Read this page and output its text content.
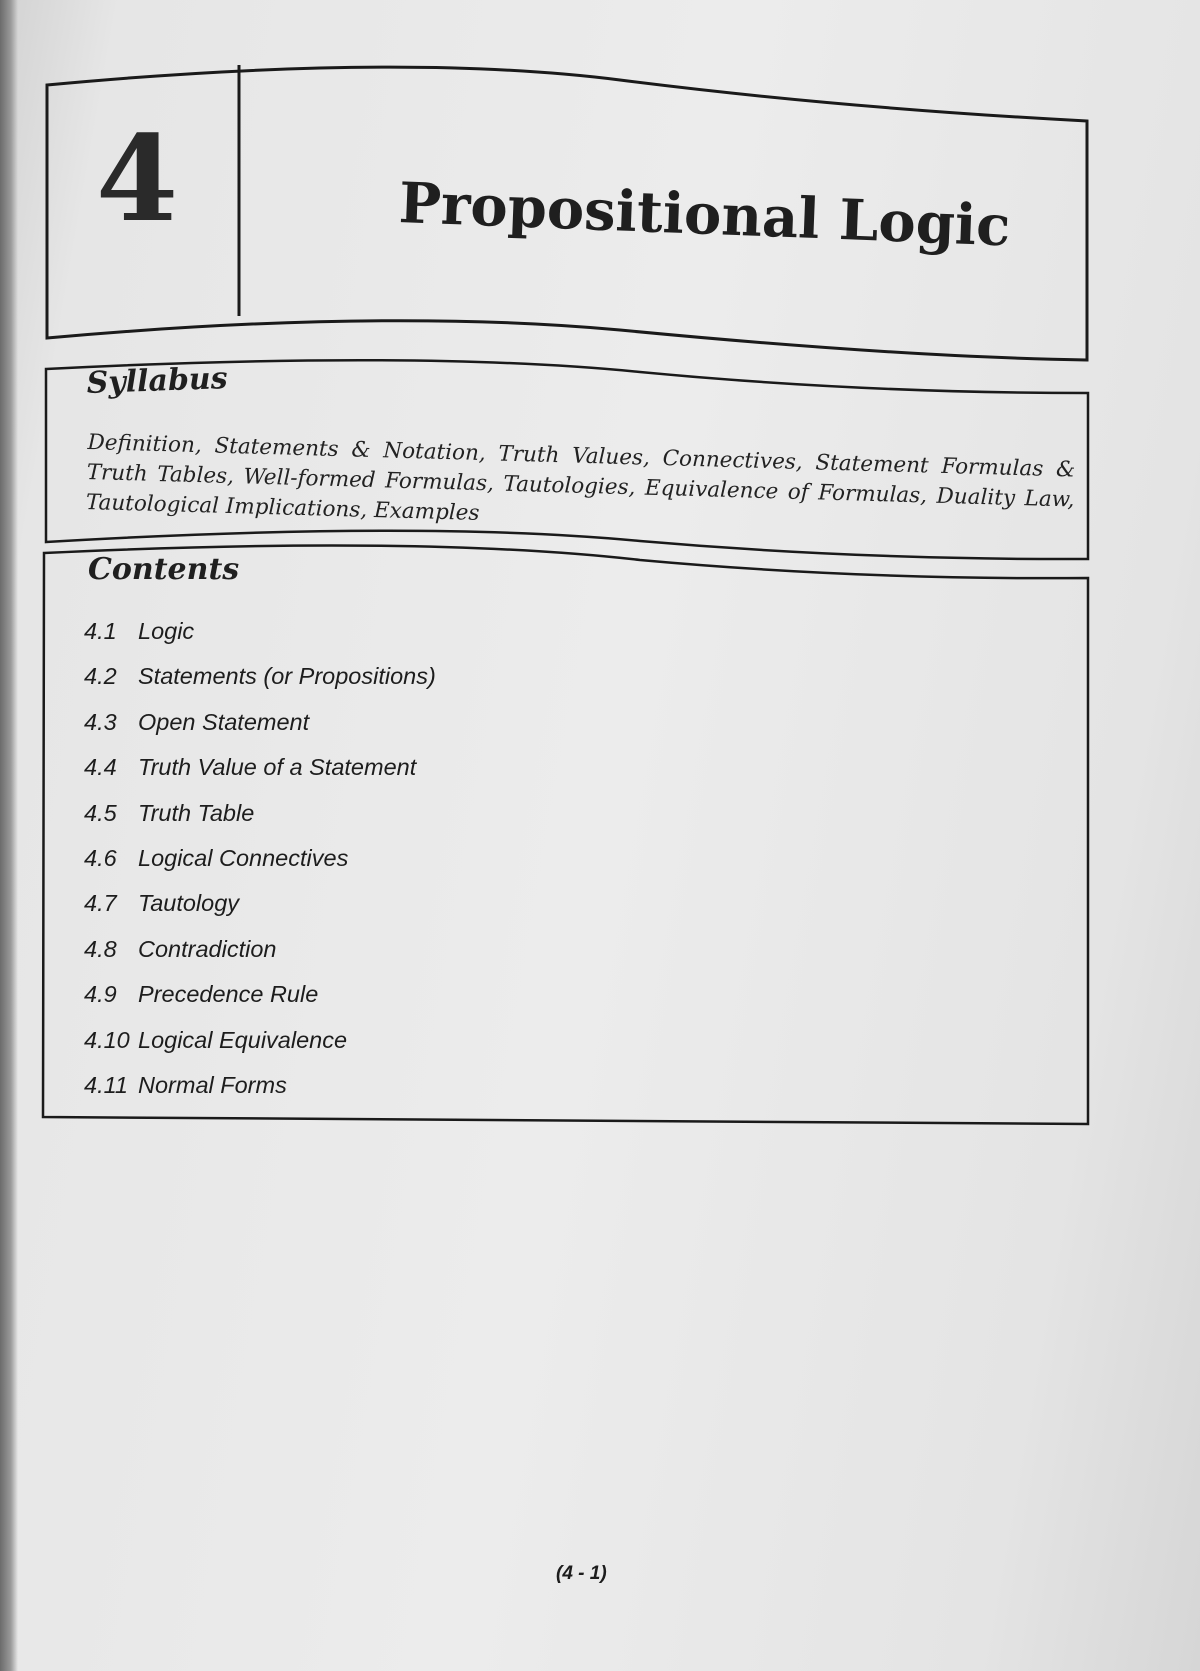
4	Propositional Logic
Syllabus
Definition, Statements & Notation, Truth Values, Connectives, Statement Formulas & Truth Tables, Well-formed Formulas, Tautologies, Equivalence of Formulas, Duality Law, Tautological Implications, Examples
Contents
4.1 Logic
4.2 Statements (or Propositions)
4.3 Open Statement
4.4 Truth Value of a Statement
4.5 Truth Table
4.6 Logical Connectives
4.7 Tautology
4.8 Contradiction
4.9 Precedence Rule
4.10 Logical Equivalence
4.11 Normal Forms
(4 - 1)
